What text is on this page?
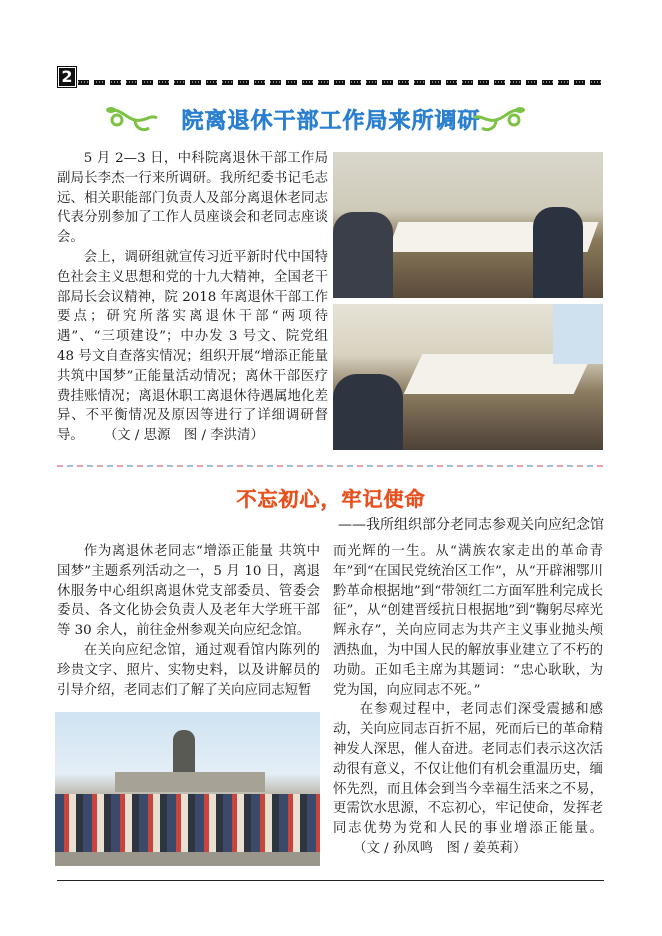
2
院离退休干部工作局来所调研

5 月 2—3 日，中科院离退休干部工作局副局长李杰一行来所调研。我所纪委书记毛志远、相关职能部门负责人及部分离退休老同志代表分别参加了工作人员座谈会和老同志座谈会。

会上，调研组就宣传习近平新时代中国特色社会主义思想和党的十九大精神，全国老干部局长会议精神，院 2018 年离退休干部工作要点；研究所落实离退休干部“两项待遇”、“三项建设”；中办发 3 号文、院党组 48 号文自查落实情况；组织开展“增添正能量 共筑中国梦”正能量活动情况；离休干部医疗费挂账情况；离退休职工离退休待遇属地化差异、不平衡情况及原因等进行了详细调研督导。 （文 / 思源　图 / 李洪清）

不忘初心，牢记使命
——我所组织部分老同志参观关向应纪念馆

作为离退休老同志“增添正能量 共筑中国梦”主题系列活动之一，5 月 10 日，离退休服务中心组织离退休党支部委员、管委会委员、各文化协会负责人及老年大学班干部等 30 余人，前往金州参观关向应纪念馆。

在关向应纪念馆，通过观看馆内陈列的珍贵文字、照片、实物史料，以及讲解员的引导介绍，老同志们了解了关向应同志短暂

而光辉的一生。从“满族农家走出的革命青年”到“在国民党统治区工作”，从“开辟湘鄂川黔革命根据地”到“带领红二方面军胜利完成长征”，从“创建晋绥抗日根据地”到“鞠躬尽瘁光辉永存”，关向应同志为共产主义事业抛头颅洒热血，为中国人民的解放事业建立了不朽的功勋。正如毛主席为其题词：“忠心耿耿，为党为国，向应同志不死。”

在参观过程中，老同志们深受震撼和感动，关向应同志百折不屈，死而后已的革命精神发人深思，催人奋进。老同志们表示这次活动很有意义，不仅让他们有机会重温历史，缅怀先烈，而且体会到当今幸福生活来之不易，更需饮水思源，不忘初心，牢记使命，发挥老同志优势为党和人民的事业增添正能量。（文 / 孙凤鸣　图 / 姜英莉）
